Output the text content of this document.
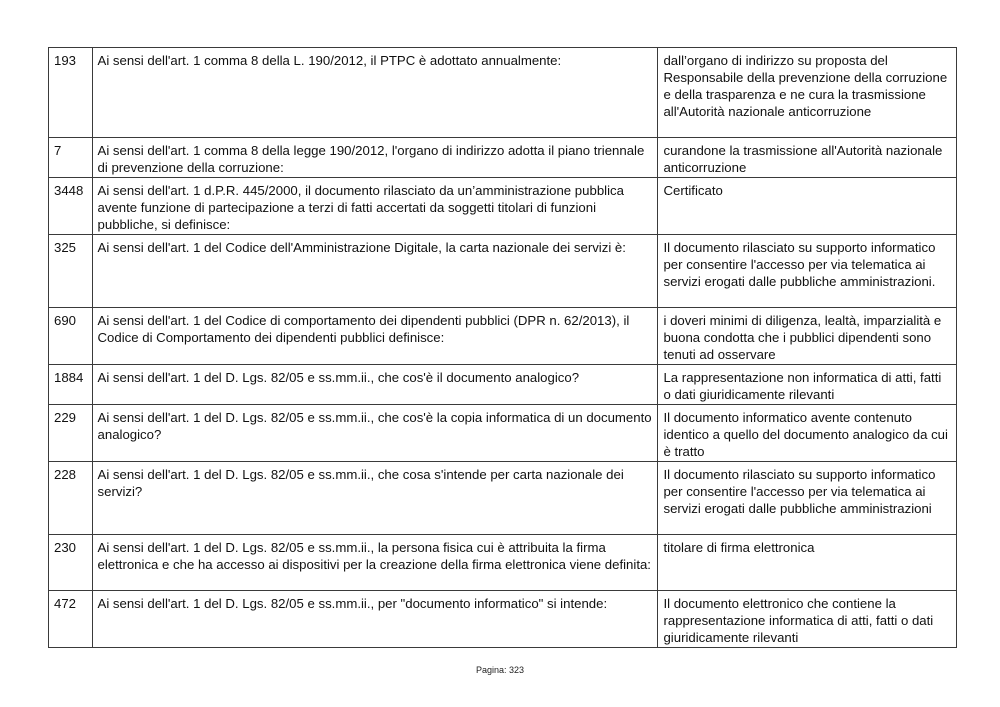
193	Ai sensi dell'art. 1 comma 8 della L. 190/2012, il PTPC è adottato annualmente:	dall’organo di indirizzo su proposta del Responsabile della prevenzione della corruzione e della trasparenza e ne cura la trasmissione all'Autorità nazionale anticorruzione
7	Ai sensi dell'art. 1 comma 8 della legge 190/2012, l'organo di indirizzo adotta il piano triennale di prevenzione della corruzione:	curandone la trasmissione all'Autorità nazionale anticorruzione
3448	Ai sensi dell'art. 1 d.P.R. 445/2000, il documento rilasciato da un’amministrazione pubblica avente funzione di partecipazione a terzi di fatti accertati da soggetti titolari di funzioni pubbliche, si definisce:	Certificato
325	Ai sensi dell'art. 1 del Codice dell'Amministrazione Digitale, la carta nazionale dei servizi è:	Il documento rilasciato su supporto informatico per consentire l'accesso per via telematica ai servizi erogati dalle pubbliche amministrazioni.
690	Ai sensi dell'art. 1 del Codice di comportamento dei dipendenti pubblici (DPR n. 62/2013), il Codice di Comportamento dei dipendenti pubblici definisce:	i doveri minimi di diligenza, lealtà, imparzialità e buona condotta che i pubblici dipendenti sono tenuti ad osservare
1884	Ai sensi dell'art. 1 del D. Lgs. 82/05 e ss.mm.ii., che cos'è il documento analogico?	La rappresentazione non informatica di atti, fatti o dati giuridicamente rilevanti
229	Ai sensi dell'art. 1 del D. Lgs. 82/05 e ss.mm.ii., che cos'è la copia informatica di un documento analogico?	Il documento informatico avente contenuto identico a quello del documento analogico da cui è tratto
228	Ai sensi dell'art. 1 del D. Lgs. 82/05 e ss.mm.ii., che cosa s'intende per carta nazionale dei servizi?	Il documento rilasciato su supporto informatico per consentire l'accesso per via telematica ai servizi erogati dalle pubbliche amministrazioni
230	Ai sensi dell'art. 1 del D. Lgs. 82/05 e ss.mm.ii., la persona fisica cui è attribuita la firma elettronica e che ha accesso ai dispositivi per la creazione della firma elettronica viene definita:	titolare di firma elettronica
472	Ai sensi dell'art. 1 del D. Lgs. 82/05 e ss.mm.ii., per "documento informatico" si intende:	Il documento elettronico che contiene la rappresentazione informatica di atti, fatti o dati giuridicamente rilevanti
Pagina: 323
